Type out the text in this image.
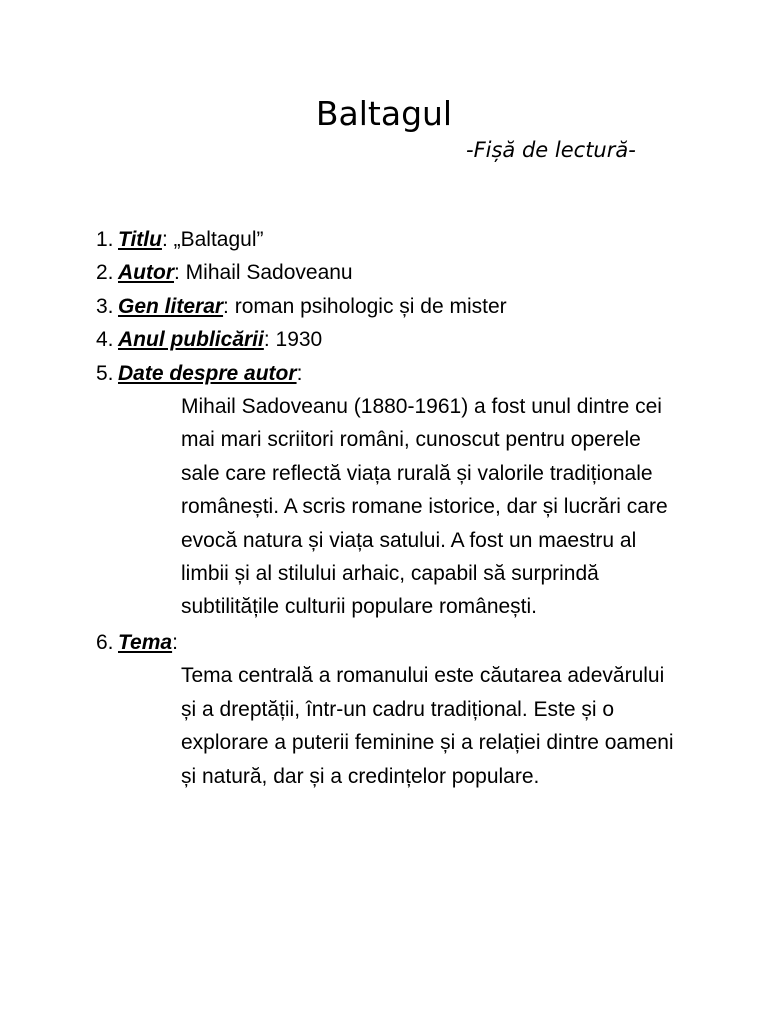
Baltagul
-Fișă de lectură-
1. Titlu: „Baltagul”
2. Autor: Mihail Sadoveanu
3. Gen literar: roman psihologic și de mister
4. Anul publicării: 1930
5. Date despre autor:
Mihail Sadoveanu (1880-1961) a fost unul dintre cei mai mari scriitori români, cunoscut pentru operele sale care reflectă viața rurală și valorile tradiționale românești. A scris romane istorice, dar și lucrări care evocă natura și viața satului. A fost un maestru al limbii și al stilului arhaic, capabil să surprindă subtilitățile culturii populare românești.
6. Tema:
Tema centrală a romanului este căutarea adevărului și a dreptății, într-un cadru tradițional. Este și o explorare a puterii feminine și a relației dintre oameni și natură, dar și a credințelor populare.
